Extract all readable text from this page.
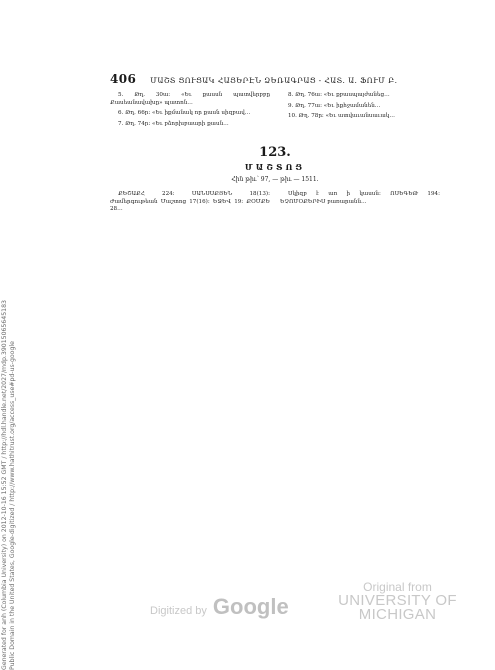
Generated for anh (Columbia University) on 2012-10-16 15:52 GMT / http://hdl.handle.net/2027/mdp.39015065645183 Public Domain in the United States, Google-digitized / http://www.hathitrust.org/access_use#pd-us-google
406 ՄԱՇՏ ՑՈՒՑԱԿ ՀԱՅԵՐԷՆ ՁԵՌԱԳՐԱՑ - ՀԱՏ. Ա. ՖՈՒՄ Բ.

5. Թղ. 30ա։ «Եւ քասսն պատվերբբը Քասեանավախը» պատոն…

6. Թղ. 66ր։ «Եւ իքմանակ որ քասն սիզբավ…

7. Թղ. 74ր։ «Եւ բձորխբաարի քասն…

8. Թղ. 76ա։ «Եւ քբասպայժանեց…

9. Թղ. 77ա։ «Եւ իքհջամանեն…

10. Թղ. 78ր։ «Եւ ատվաւանսաւակ…

123.
ՄԱՇՏՈՑ
Հին թիւ՝ 97, — թիւ — 1511.

ՔԵՇԱՔՀ 224։ ՍԱՆՍՍՔՅԵՆ 18(13)։ Ժամերգութեան Մաշտոց 17(16)։ ԵՋԵՎ 19։ ՔՕՄՔԵ 28…

Սկիզբ է առ ի կասսն։ ՈՍԵԳԵԹ 194։ ԵՉՈՄՕՔԵՐԻՍ բառարանն…

Digitized by Google
Original from
UNIVERSITY OF MICHIGAN
